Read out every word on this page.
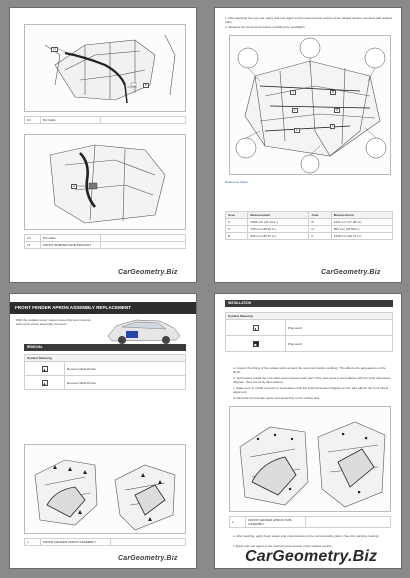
10
B
10	B4 Cable	
11
10	B4 Cable	
11	FRONT BUMPER SIDE BRACKET	
CarGeometry.Biz
1. After applying the top coat, apply anti-rust agent to the internal panel portion of the related section mounted with welded parts.
2. Measure the dimensions before installing the headlights.
A	B
C	D
E
F
Reference Value
Area	Measurement	Area	Measurement
A	1093 mm (43.12 in.)	B	1221 mm (47.28 in.)
C	735 mm (28.94 in.)	D	853 mm (33.58 in.)
E	929 mm (36.57 in.)	F	1238 mm (48.74 in.)
CarGeometry.Biz
FRONT FENDER APRON ASSEMBLY REPLACEMENT
With the radiator upper support assembly and cowl top side upper panel assembly removed.
REMOVAL
Symbol Meaning	
▲	Remove Weld Points
▲	Remove Weld Points
1	FRONT FENDER APRON ASSEMBLY	
CarGeometry.Biz
INSTALLATION
Symbol Meaning	
●	Plug weld
■	Plug weld
a. Inspect the fitting of the related parts around the new parts before welding. This affects the appearance of the finish.
b. Temporarily install the new parts and measure each part of the new parts in accordance with the body dimension diagram. (See the body dimensions)
c. Make sure to install correctly in accordance with the body dimension diagram as the part affects the front wheel alignment.
d. Weld the front fender apron sub-assembly to the vehicle side.
1	FRONT FENDER APRON SUB-ASSEMBLY	
e. After welding, apply body sealer and undercoating to the corresponding parts. (See the painting coating)
f. Apply anti-rust agent to the internal panel portion of the related section.
CarGeometry.Biz
